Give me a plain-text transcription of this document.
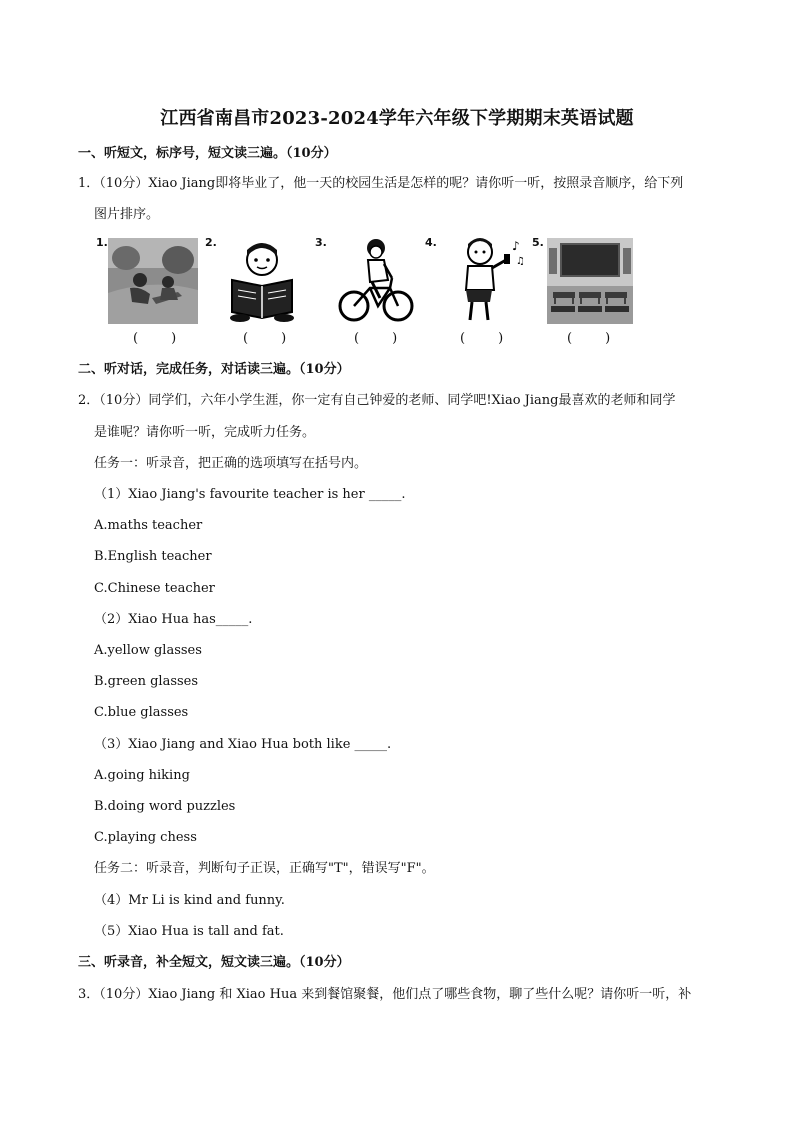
江西省南昌市2023-2024学年六年级下学期期末英语试题
一、听短文，标序号，短文读三遍。（10分）
1．（10分）Xiao Jiang即将毕业了，他一天的校园生活是怎样的呢？请你听一听，按照录音顺序，给下列
图片排序。
1.	2.	3.	4.	5.
♪
♫
(        )	(        )	(        )	(        )	(        )
二、听对话，完成任务，对话读三遍。（10分）
2．（10分）同学们，六年小学生涯，你一定有自己钟爱的老师、同学吧!Xiao Jiang最喜欢的老师和同学
是谁呢？请你听一听，完成听力任务。
任务一：听录音，把正确的选项填写在括号内。
（1）Xiao Jiang's favourite teacher is her _____.
A.maths teacher
B.English teacher
C.Chinese teacher
（2）Xiao Hua has_____.
A.yellow glasses
B.green glasses
C.blue glasses
（3）Xiao Jiang and Xiao Hua both like _____.
A.going hiking
B.doing word puzzles
C.playing chess
任务二：听录音，判断句子正误，正确写"T"，错误写"F"。
（4）Mr Li is kind and funny.
（5）Xiao Hua is tall and fat.
三、听录音，补全短文，短文读三遍。（10分）
3．（10分）Xiao Jiang 和 Xiao Hua 来到餐馆聚餐，他们点了哪些食物，聊了些什么呢？请你听一听，补
